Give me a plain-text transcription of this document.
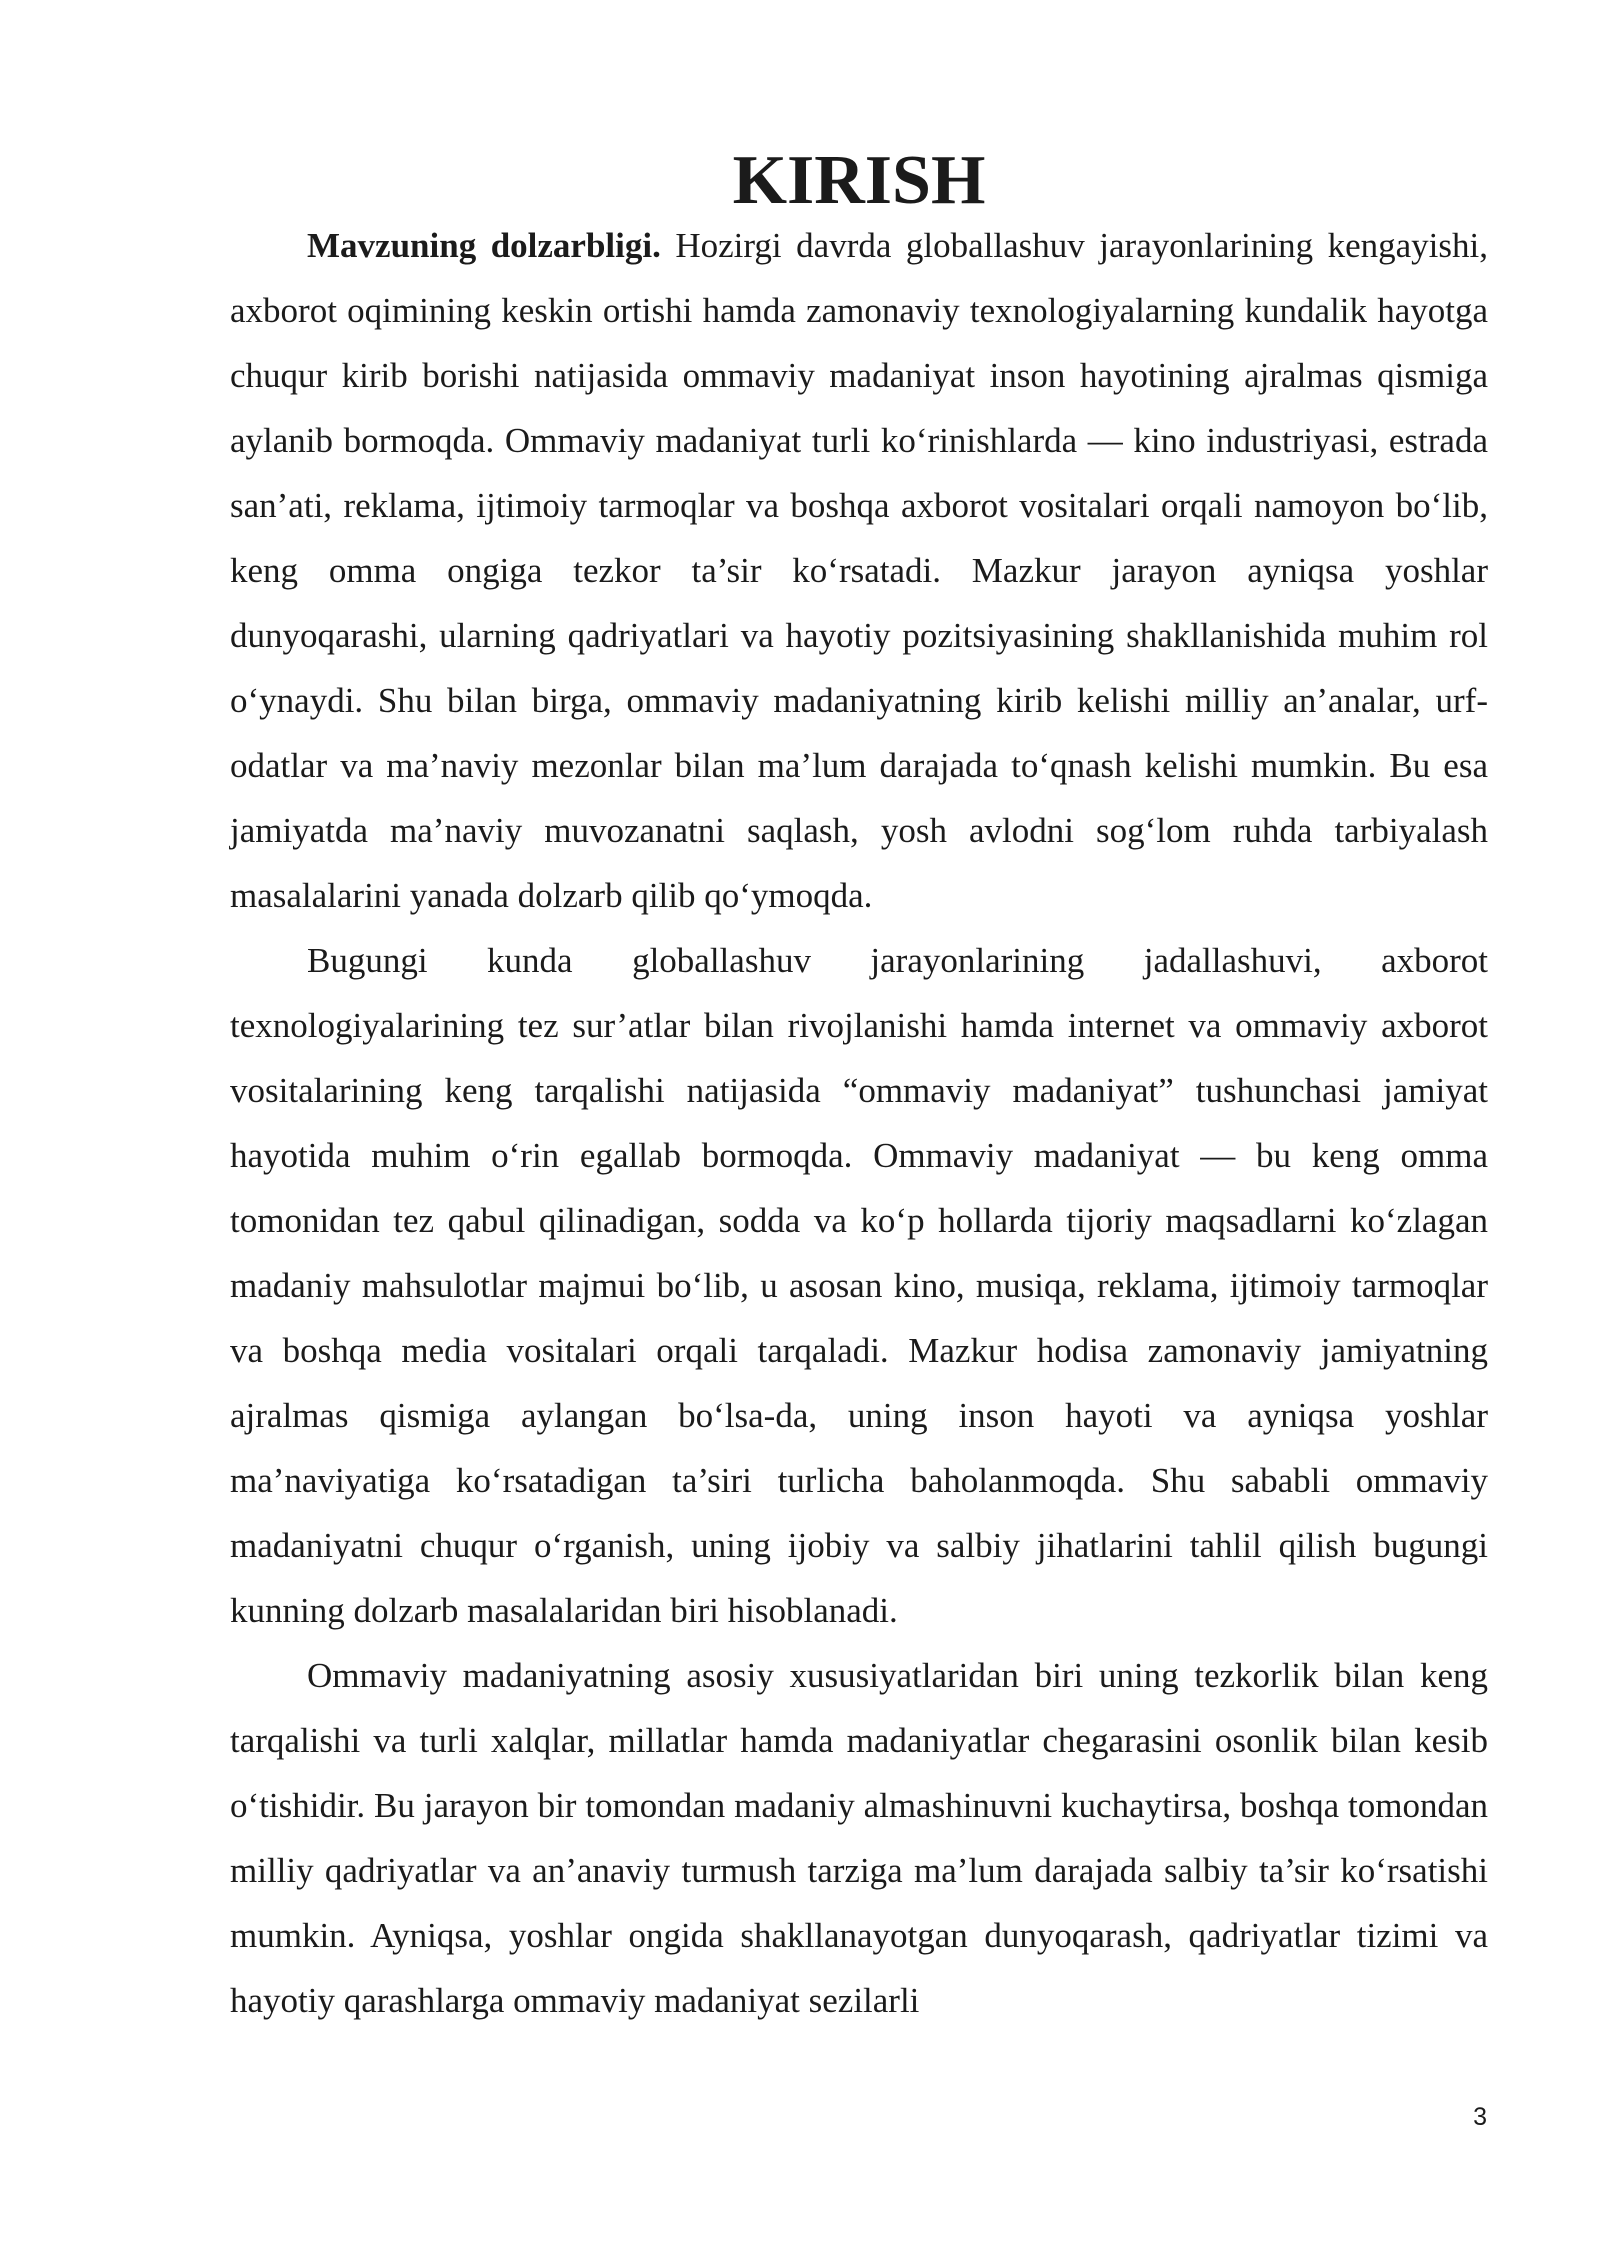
KIRISH

Mavzuning dolzarbligi. Hozirgi davrda globallashuv jarayonlarining kengayishi, axborot oqimining keskin ortishi hamda zamonaviy texnologiyalarning kundalik hayotga chuqur kirib borishi natijasida ommaviy madaniyat inson hayotining ajralmas qismiga aylanib bormoqda. Ommaviy madaniyat turli ko‘rinishlarda — kino industriyasi, estrada san’ati, reklama, ijtimoiy tarmoqlar va boshqa axborot vositalari orqali namoyon bo‘lib, keng omma ongiga tezkor ta’sir ko‘rsatadi. Mazkur jarayon ayniqsa yoshlar dunyoqarashi, ularning qadriyatlari va hayotiy pozitsiyasining shakllanishida muhim rol o‘ynaydi. Shu bilan birga, ommaviy madaniyatning kirib kelishi milliy an’analar, urf-odatlar va ma’naviy mezonlar bilan ma’lum darajada to‘qnash kelishi mumkin. Bu esa jamiyatda ma’naviy muvozanatni saqlash, yosh avlodni sog‘lom ruhda tarbiyalash masalalarini yanada dolzarb qilib qo‘ymoqda.

Bugungi kunda globallashuv jarayonlarining jadallashuvi, axborot texnologiyalarining tez sur’atlar bilan rivojlanishi hamda internet va ommaviy axborot vositalarining keng tarqalishi natijasida “ommaviy madaniyat” tushunchasi jamiyat hayotida muhim o‘rin egallab bormoqda. Ommaviy madaniyat — bu keng omma tomonidan tez qabul qilinadigan, sodda va ko‘p hollarda tijoriy maqsadlarni ko‘zlagan madaniy mahsulotlar majmui bo‘lib, u asosan kino, musiqa, reklama, ijtimoiy tarmoqlar va boshqa media vositalari orqali tarqaladi. Mazkur hodisa zamonaviy jamiyatning ajralmas qismiga aylangan bo‘lsa-da, uning inson hayoti va ayniqsa yoshlar ma’naviyatiga ko‘rsatadigan ta’siri turlicha baholanmoqda. Shu sababli ommaviy madaniyatni chuqur o‘rganish, uning ijobiy va salbiy jihatlarini tahlil qilish bugungi kunning dolzarb masalalaridan biri hisoblanadi.

Ommaviy madaniyatning asosiy xususiyatlaridan biri uning tezkorlik bilan keng tarqalishi va turli xalqlar, millatlar hamda madaniyatlar chegarasini osonlik bilan kesib o‘tishidir. Bu jarayon bir tomondan madaniy almashinuvni kuchaytirsa, boshqa tomondan milliy qadriyatlar va an’anaviy turmush tarziga ma’lum darajada salbiy ta’sir ko‘rsatishi mumkin. Ayniqsa, yoshlar ongida shakllanayotgan dunyoqarash, qadriyatlar tizimi va hayotiy qarashlarga ommaviy madaniyat sezilarli

3
